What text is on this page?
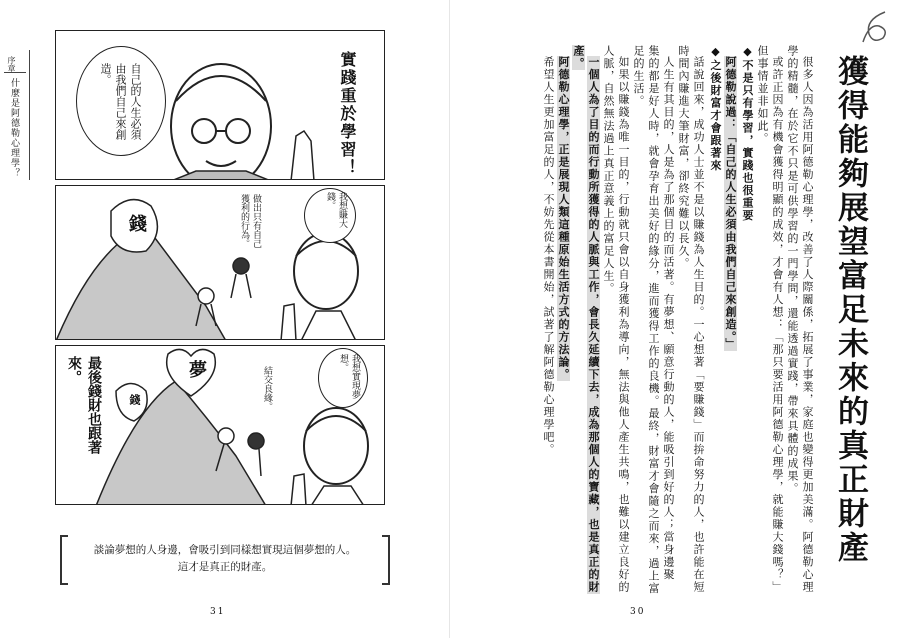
序章
什麼是阿德勒心理學？	實踐重於學習！
自己的人生必須由我們自己來創造。
錢	我想賺大錢。
做出只有自己獲利的行為。
夢
錢
最後錢財也跟著來。	我想實現夢想。
結交良緣。

談論夢想的人身邊，會吸引到同樣想實現這個夢想的人。

這才是真正的財產。

31
獲得能夠展望富足未來的真正財產

很多人因為活用阿德勒心理學，改善了人際關係，拓展了事業，家庭也變得更加美滿。阿德勒心理學的精髓，在於它不只是可供學習的一門學問，還能透過實踐，帶來具體的成果。

或許正因為有機會獲得明顯的成效，才會有人想：「那只要活用阿德勒心理學，就能賺大錢嗎？」但事情並非如此。

◆不是只有學習，實踐也很重要

阿德勒說過：「自己的人生必須由我們自己來創造。」

◆之後財富才會跟著來

話說回來，成功人士並不是以賺錢為人生目的。一心想著「要賺錢」而拚命努力的人，也許能在短時間內賺進大筆財富，卻終究難以長久。

人生有其目的，人是為了那個目的而活著。有夢想、願意行動的人，能吸引到好的人；當身邊聚

集的都是好人時，就會孕育出美好的緣分，進而獲得工作的良機。最終，財富才會隨之而來，過上富足的生活。

如果以賺錢為唯一目的，行動就只會以自身獲利為導向，無法與他人產生共鳴，也難以建立良好的人脈，自然無法過上真正意義上的富足人生。

一個人為了目的而行動所獲得的人脈與工作，會長久延續下去，成為那個人的寶藏，也是真正的財產。

阿德勒心理學，正是展現人類這種原始生活方式的方法論。

希望人生更加富足的人，不妨先從本書開始，試著了解阿德勒心理學吧。

30
